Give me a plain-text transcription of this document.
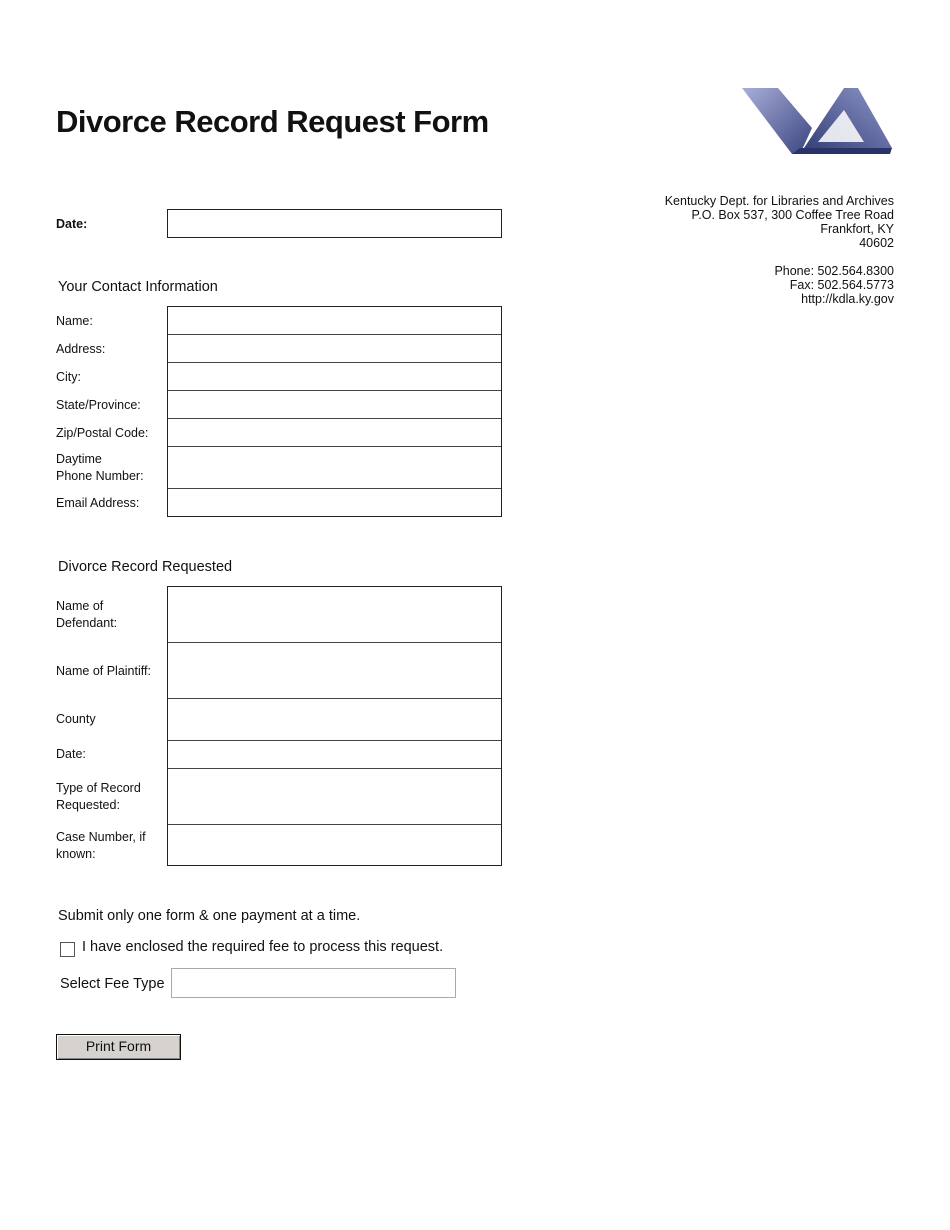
Divorce Record Request Form
Kentucky Dept. for Libraries and Archives
P.O. Box 537, 300 Coffee Tree Road
Frankfort, KY
40602
Phone: 502.564.8300
Fax: 502.564.5773
http://kdla.ky.gov
Date:
Your Contact Information
Name:
Address:
City:
State/Province:
Zip/Postal Code:
Daytime
Phone Number:
Email Address:
Divorce Record Requested
Name of
Defendant:
Name of Plaintiff:
County
Date:
Type of Record
Requested:
Case Number, if
known:
Submit only one form & one payment at a time.
I have enclosed the required fee to process this request.
Select Fee Type
Print Form
